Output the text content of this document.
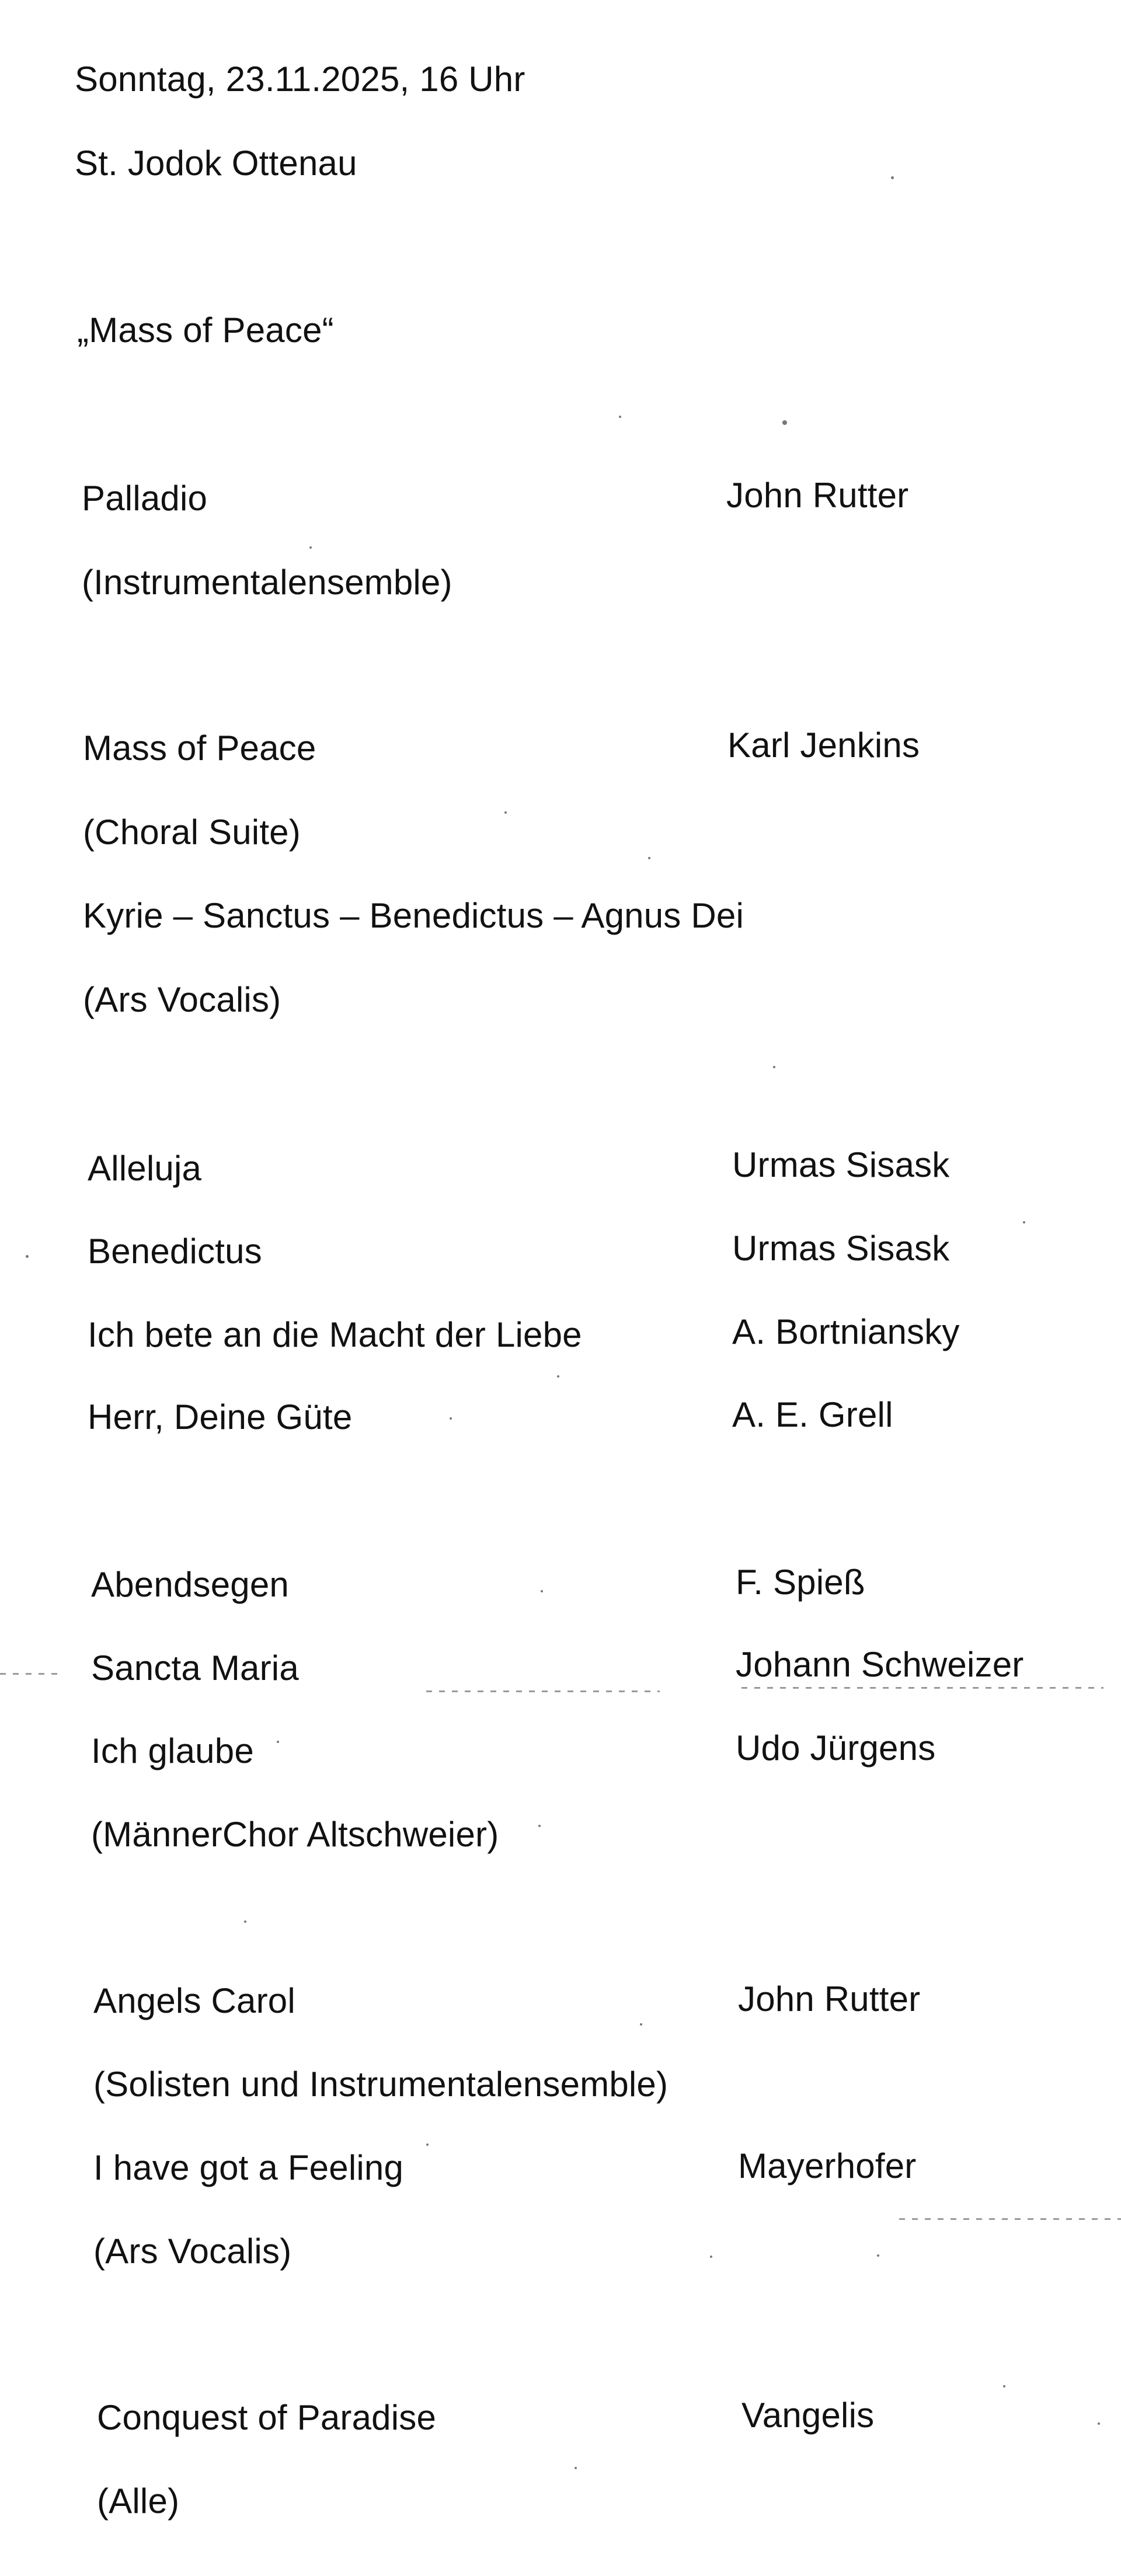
Sonntag, 23.11.2025, 16 Uhr
St. Jodok Ottenau
„Mass of Peace“
Palladio	John Rutter
(Instrumentalensemble)
Mass of Peace	Karl Jenkins
(Choral Suite)
Kyrie – Sanctus – Benedictus – Agnus Dei
(Ars Vocalis)
Alleluja	Urmas Sisask
Benedictus	Urmas Sisask
Ich bete an die Macht der Liebe	A. Bortniansky
Herr, Deine Güte	A. E. Grell
Abendsegen	F. Spieß
Sancta Maria	Johann Schweizer
Ich glaube	Udo Jürgens
(MännerChor Altschweier)
Angels Carol	John Rutter
(Solisten und Instrumentalensemble)
I have got a Feeling	Mayerhofer
(Ars Vocalis)
Conquest of Paradise	Vangelis
(Alle)
